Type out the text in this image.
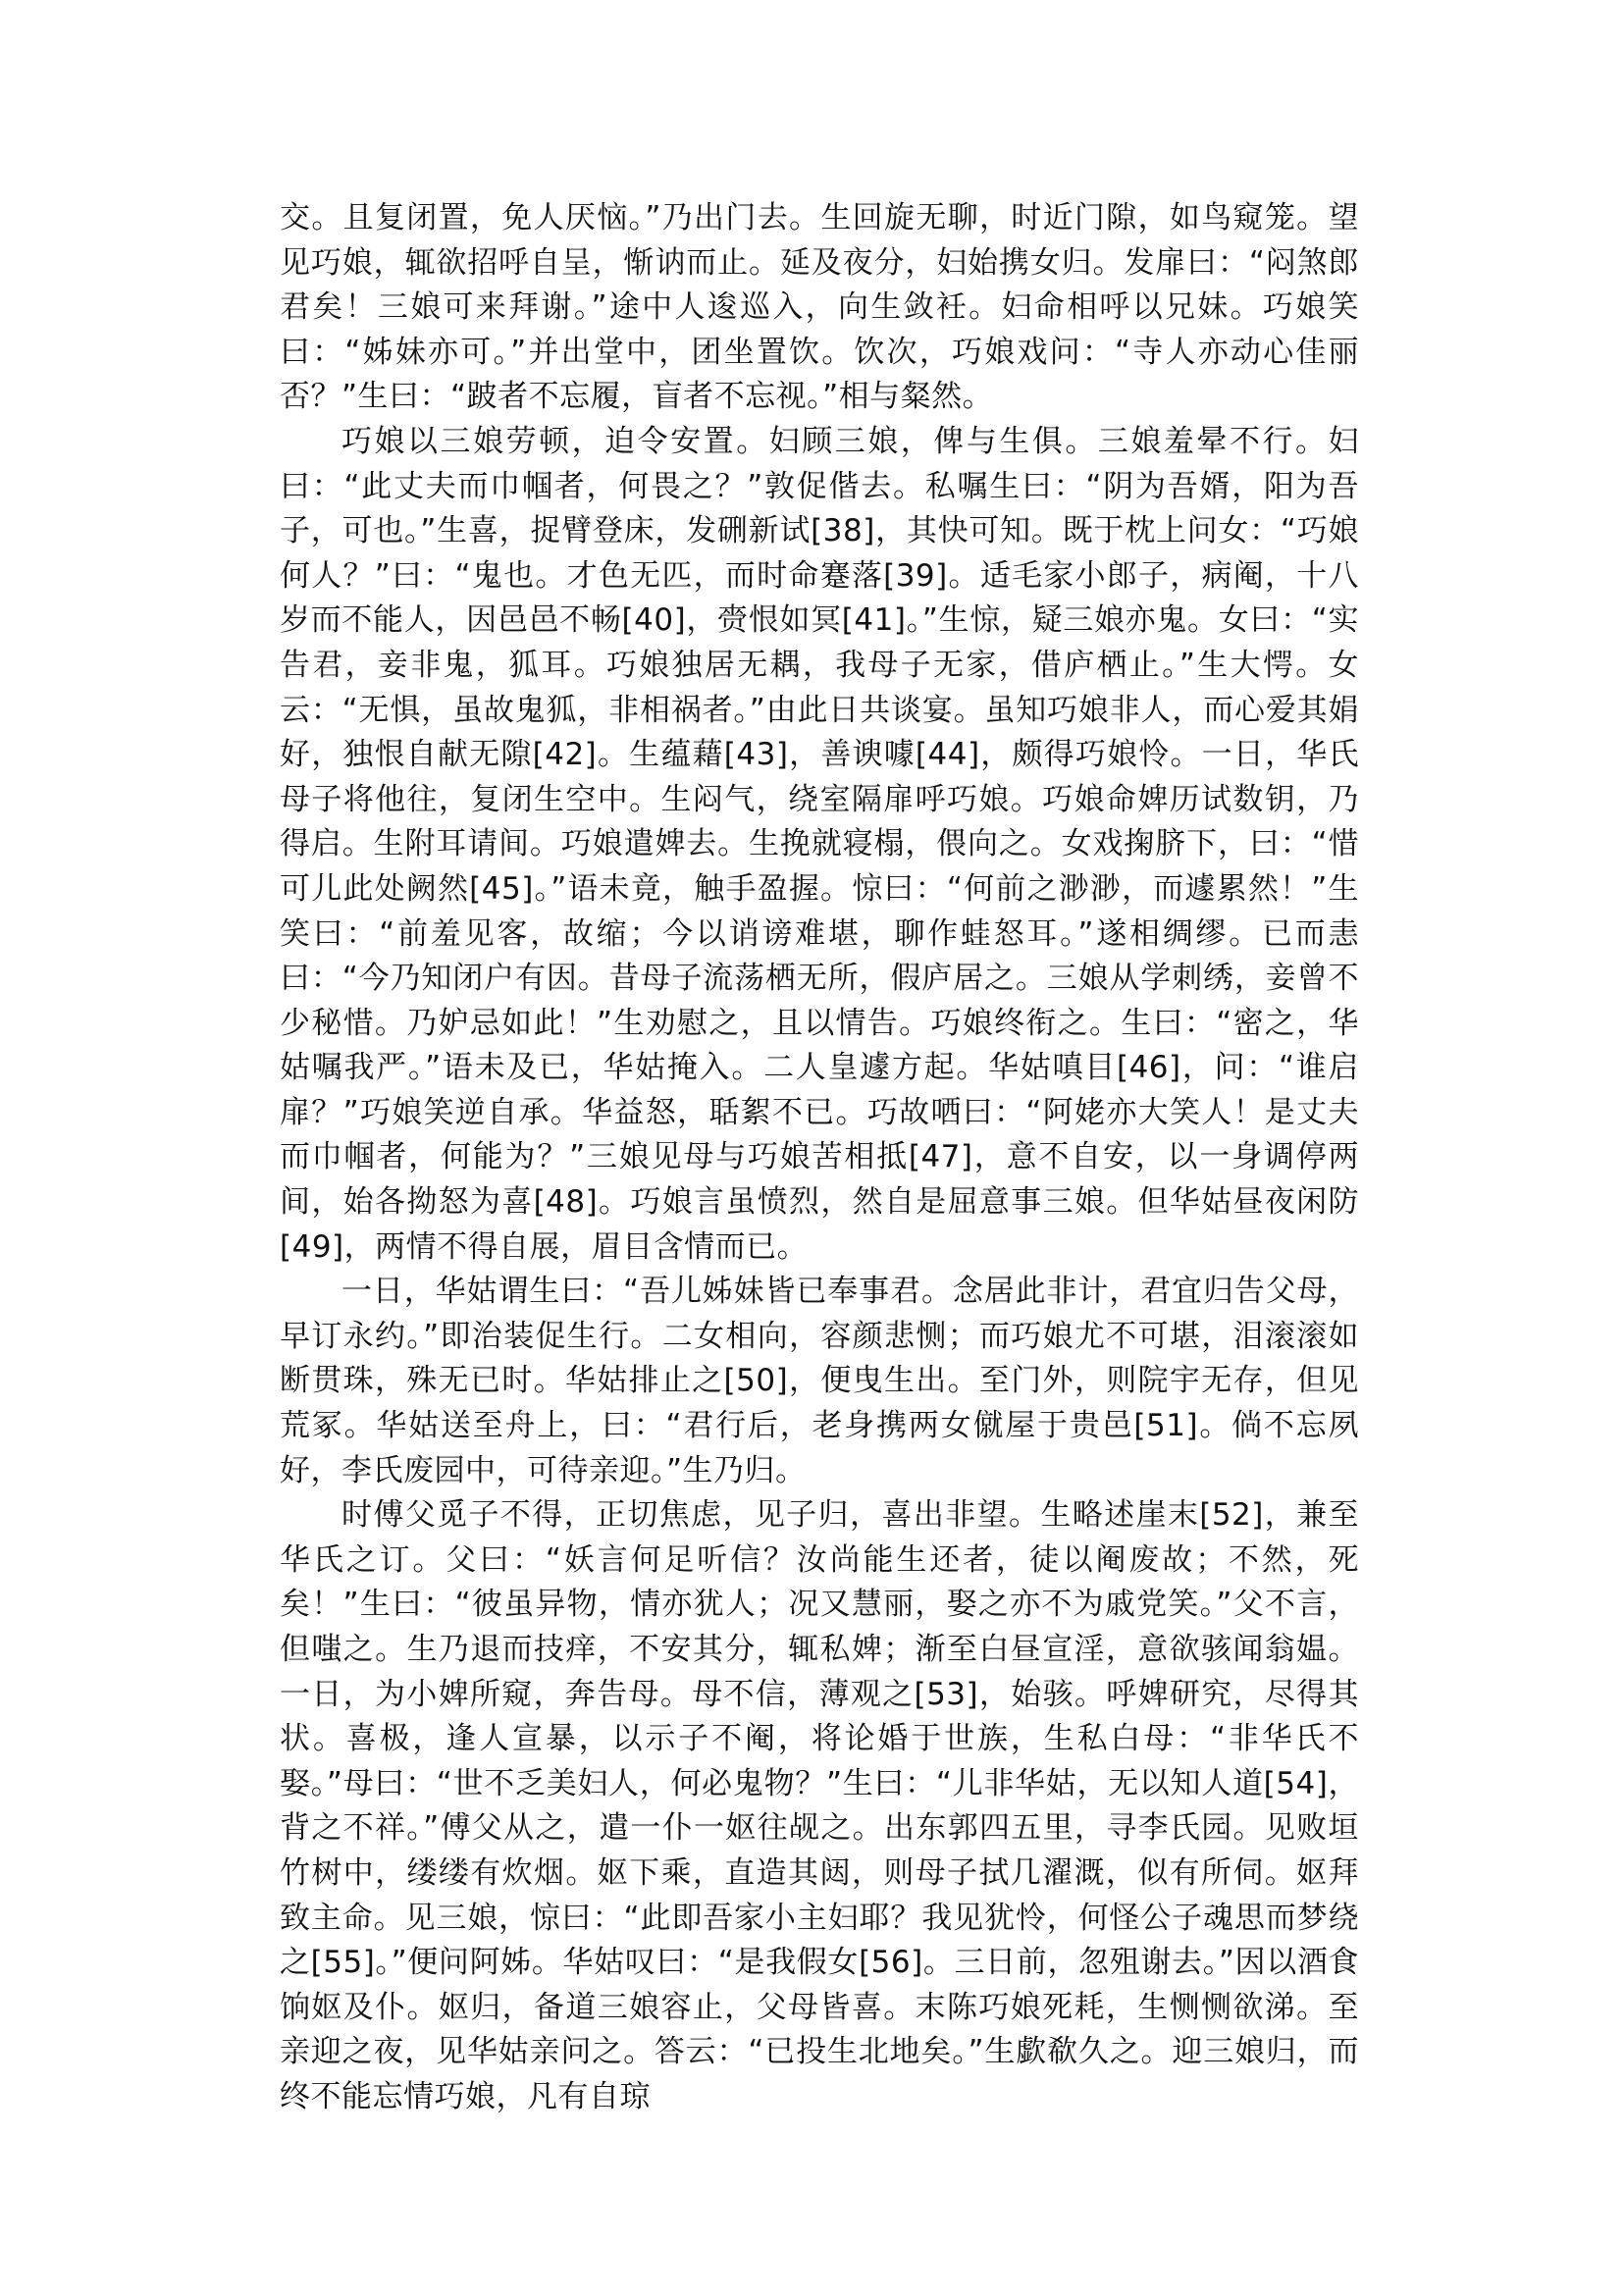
交。且复闭置，免人厌恼。”乃出门去。生回旋无聊，时近门隙，如鸟窥笼。望见巧娘，辄欲招呼自呈，惭讷而止。延及夜分，妇始携女归。发扉曰：“闷煞郎君矣！三娘可来拜谢。”途中人逡巡入，向生敛衽。妇命相呼以兄妹。巧娘笑曰：“姊妹亦可。”并出堂中，团坐置饮。饮次，巧娘戏问：“寺人亦动心佳丽否？”生曰：“跛者不忘履，盲者不忘视。”相与粲然。

巧娘以三娘劳顿，迫令安置。妇顾三娘，俾与生俱。三娘羞晕不行。妇曰：“此丈夫而巾帼者，何畏之？”敦促偕去。私嘱生曰：“阴为吾婿，阳为吾子，可也。”生喜，捉臂登床，发硎新试[38]，其快可知。既于枕上问女：“巧娘何人？”曰：“鬼也。才色无匹，而时命蹇落[39]。适毛家小郎子，病阉，十八岁而不能人，因邑邑不畅[40]，赍恨如冥[41]。”生惊，疑三娘亦鬼。女曰：“实告君，妾非鬼，狐耳。巧娘独居无耦，我母子无家，借庐栖止。”生大愕。女云：“无惧，虽故鬼狐，非相祸者。”由此日共谈宴。虽知巧娘非人，而心爱其娟好，独恨自献无隙[42]。生蕴藉[43]，善谀噱[44]，颇得巧娘怜。一日，华氏母子将他往，复闭生空中。生闷气，绕室隔扉呼巧娘。巧娘命婢历试数钥，乃得启。生附耳请间。巧娘遣婢去。生挽就寝榻，偎向之。女戏掬脐下，曰：“惜可儿此处阙然[45]。”语未竟，触手盈握。惊曰：“何前之渺渺，而遽累然！”生笑曰：“前羞见客，故缩；今以诮谤难堪，聊作蛙怒耳。”遂相绸缪。已而恚曰：“今乃知闭户有因。昔母子流荡栖无所，假庐居之。三娘从学刺绣，妾曾不少秘惜。乃妒忌如此！”生劝慰之，且以情告。巧娘终衔之。生曰：“密之，华姑嘱我严。”语未及已，华姑掩入。二人皇遽方起。华姑嗔目[46]，问：“谁启扉？”巧娘笑逆自承。华益怒，聒絮不已。巧故哂曰：“阿姥亦大笑人！是丈夫而巾帼者，何能为？”三娘见母与巧娘苦相抵[47]，意不自安，以一身调停两间，始各拗怒为喜[48]。巧娘言虽愤烈，然自是屈意事三娘。但华姑昼夜闲防[49]，两情不得自展，眉目含情而已。

一日，华姑谓生曰：“吾儿姊妹皆已奉事君。念居此非计，君宜归告父母，早订永约。”即治装促生行。二女相向，容颜悲恻；而巧娘尤不可堪，泪滚滚如断贯珠，殊无已时。华姑排止之[50]，便曳生出。至门外，则院宇无存，但见荒冢。华姑送至舟上，曰：“君行后，老身携两女僦屋于贵邑[51]。倘不忘夙好，李氏废园中，可待亲迎。”生乃归。

时傅父觅子不得，正切焦虑，见子归，喜出非望。生略述崖末[52]，兼至华氏之订。父曰：“妖言何足听信？汝尚能生还者，徒以阉废故；不然，死矣！”生曰：“彼虽异物，情亦犹人；况又慧丽，娶之亦不为戚党笑。”父不言，但嗤之。生乃退而技痒，不安其分，辄私婢；渐至白昼宣淫，意欲骇闻翁媪。一日，为小婢所窥，奔告母。母不信，薄观之[53]，始骇。呼婢研究，尽得其状。喜极，逢人宣暴，以示子不阉，将论婚于世族，生私白母：“非华氏不娶。”母曰：“世不乏美妇人，何必鬼物？”生曰：“儿非华姑，无以知人道[54]，背之不祥。”傅父从之，遣一仆一妪往觇之。出东郭四五里，寻李氏园。见败垣竹树中，缕缕有炊烟。妪下乘，直造其闼，则母子拭几濯溉，似有所伺。妪拜致主命。见三娘，惊曰：“此即吾家小主妇耶？我见犹怜，何怪公子魂思而梦绕之[55]。”便问阿姊。华姑叹曰：“是我假女[56]。三日前，忽殂谢去。”因以酒食饷妪及仆。妪归，备道三娘容止，父母皆喜。末陈巧娘死耗，生恻恻欲涕。至亲迎之夜，见华姑亲问之。答云：“已投生北地矣。”生歔欷久之。迎三娘归，而终不能忘情巧娘，凡有自琼
